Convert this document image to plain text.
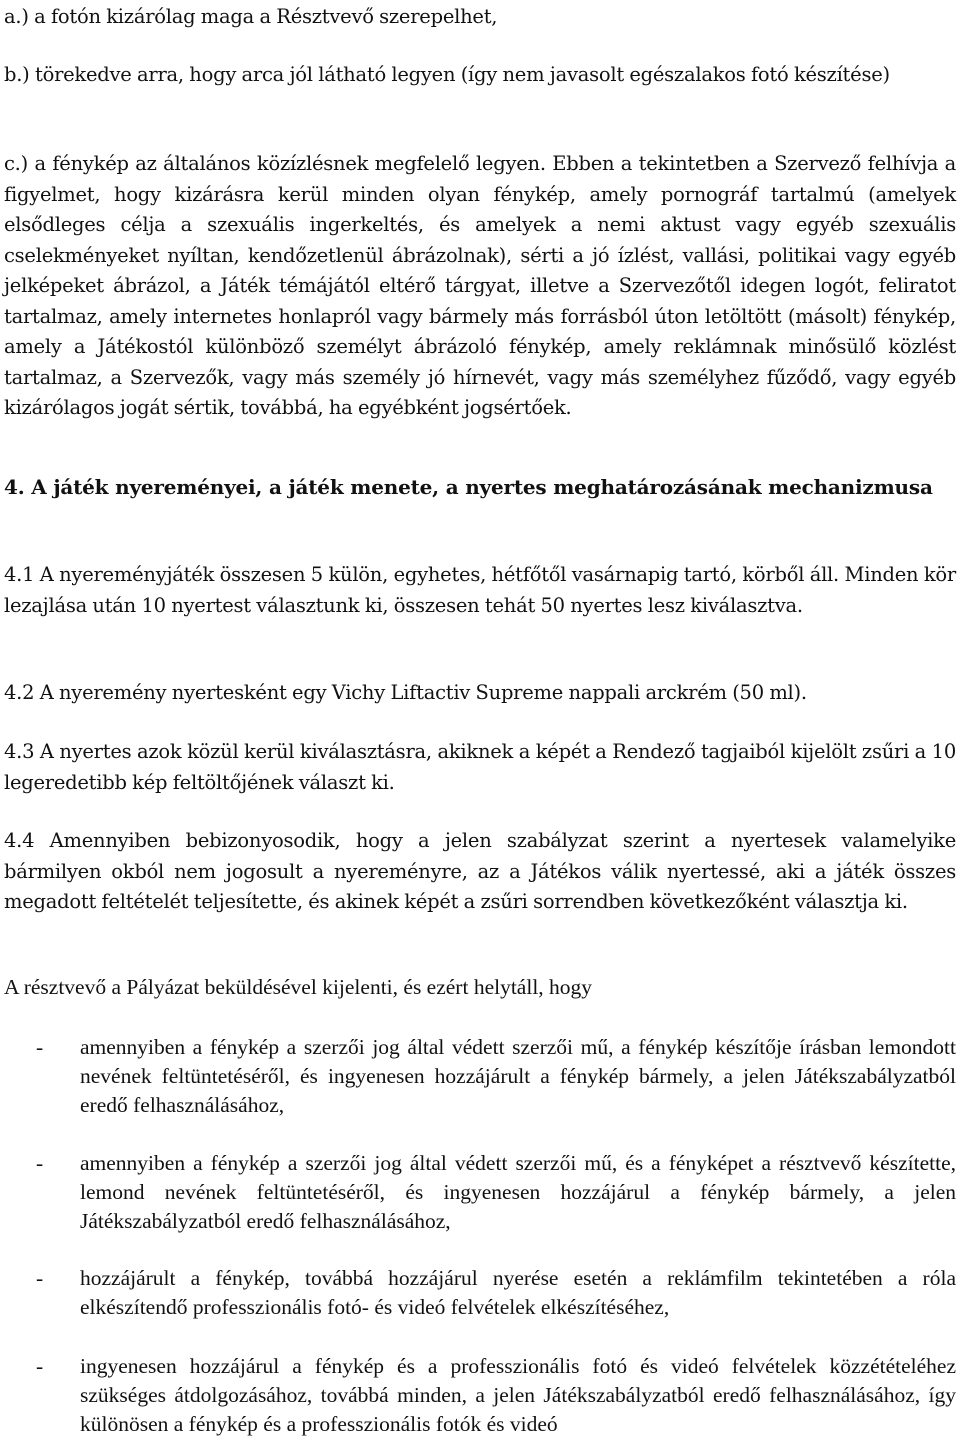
a.) a fotón kizárólag maga a Résztvevő szerepelhet,

b.) törekedve arra, hogy arca jól látható legyen (így nem javasolt egészalakos fotó készítése)

c.) a fénykép az általános közízlésnek megfelelő legyen. Ebben a tekintetben a Szervező felhívja a figyelmet, hogy kizárásra kerül minden olyan fénykép, amely pornográf tartalmú (amelyek elsődleges célja a szexuális ingerkeltés, és amelyek a nemi aktust vagy egyéb szexuális cselekményeket nyíltan, kendőzetlenül ábrázolnak), sérti a jó ízlést, vallási, politikai vagy egyéb jelképeket ábrázol, a Játék témájától eltérő tárgyat, illetve a Szervezőtől idegen logót, feliratot tartalmaz, amely internetes honlapról vagy bármely más forrásból úton letöltött (másolt) fénykép, amely a Játékostól különböző személyt ábrázoló fénykép, amely reklámnak minősülő közlést tartalmaz, a Szervezők, vagy más személy jó hírnevét, vagy más személyhez fűződő, vagy egyéb kizárólagos jogát sértik, továbbá, ha egyébként jogsértőek.

4. A játék nyereményei, a játék menete, a nyertes meghatározásának mechanizmusa

4.1 A nyereményjáték összesen 5 külön, egyhetes, hétfőtől vasárnapig tartó, körből áll. Minden kör lezajlása után 10 nyertest választunk ki, összesen tehát 50 nyertes lesz kiválasztva.

4.2 A nyeremény nyertesként egy Vichy Liftactiv Supreme nappali arckrém (50 ml).

4.3 A nyertes azok közül kerül kiválasztásra, akiknek a képét a Rendező tagjaiból kijelölt zsűri a 10 legeredetibb kép feltöltőjének választ ki.

4.4 Amennyiben bebizonyosodik, hogy a jelen szabályzat szerint a nyertesek valamelyike bármilyen okból nem jogosult a nyereményre, az a Játékos válik nyertessé, aki a játék összes megadott feltételét teljesítette, és akinek képét a zsűri sorrendben következőként választja ki.

A résztvevő a Pályázat beküldésével kijelenti, és ezért helytáll, hogy

- amennyiben a fénykép a szerzői jog által védett szerzői mű, a fénykép készítője írásban lemondott nevének feltüntetéséről, és ingyenesen hozzájárult a fénykép bármely, a jelen Játékszabályzatból eredő felhasználásához,

- amennyiben a fénykép a szerzői jog által védett szerzői mű, és a fényképet a résztvevő készítette, lemond nevének feltüntetéséről, és ingyenesen hozzájárul a fénykép bármely, a jelen Játékszabályzatból eredő felhasználásához,

- hozzájárult a fénykép, továbbá hozzájárul nyerése esetén a reklámfilm tekintetében a róla elkészítendő professzionális fotó- és videó felvételek elkészítéséhez,

- ingyenesen hozzájárul a fénykép és a professzionális fotó és videó felvételek közzétételéhez szükséges átdolgozásához, továbbá minden, a jelen Játékszabályzatból eredő felhasználásához, így különösen a fénykép és a professzionális fotók és videó
